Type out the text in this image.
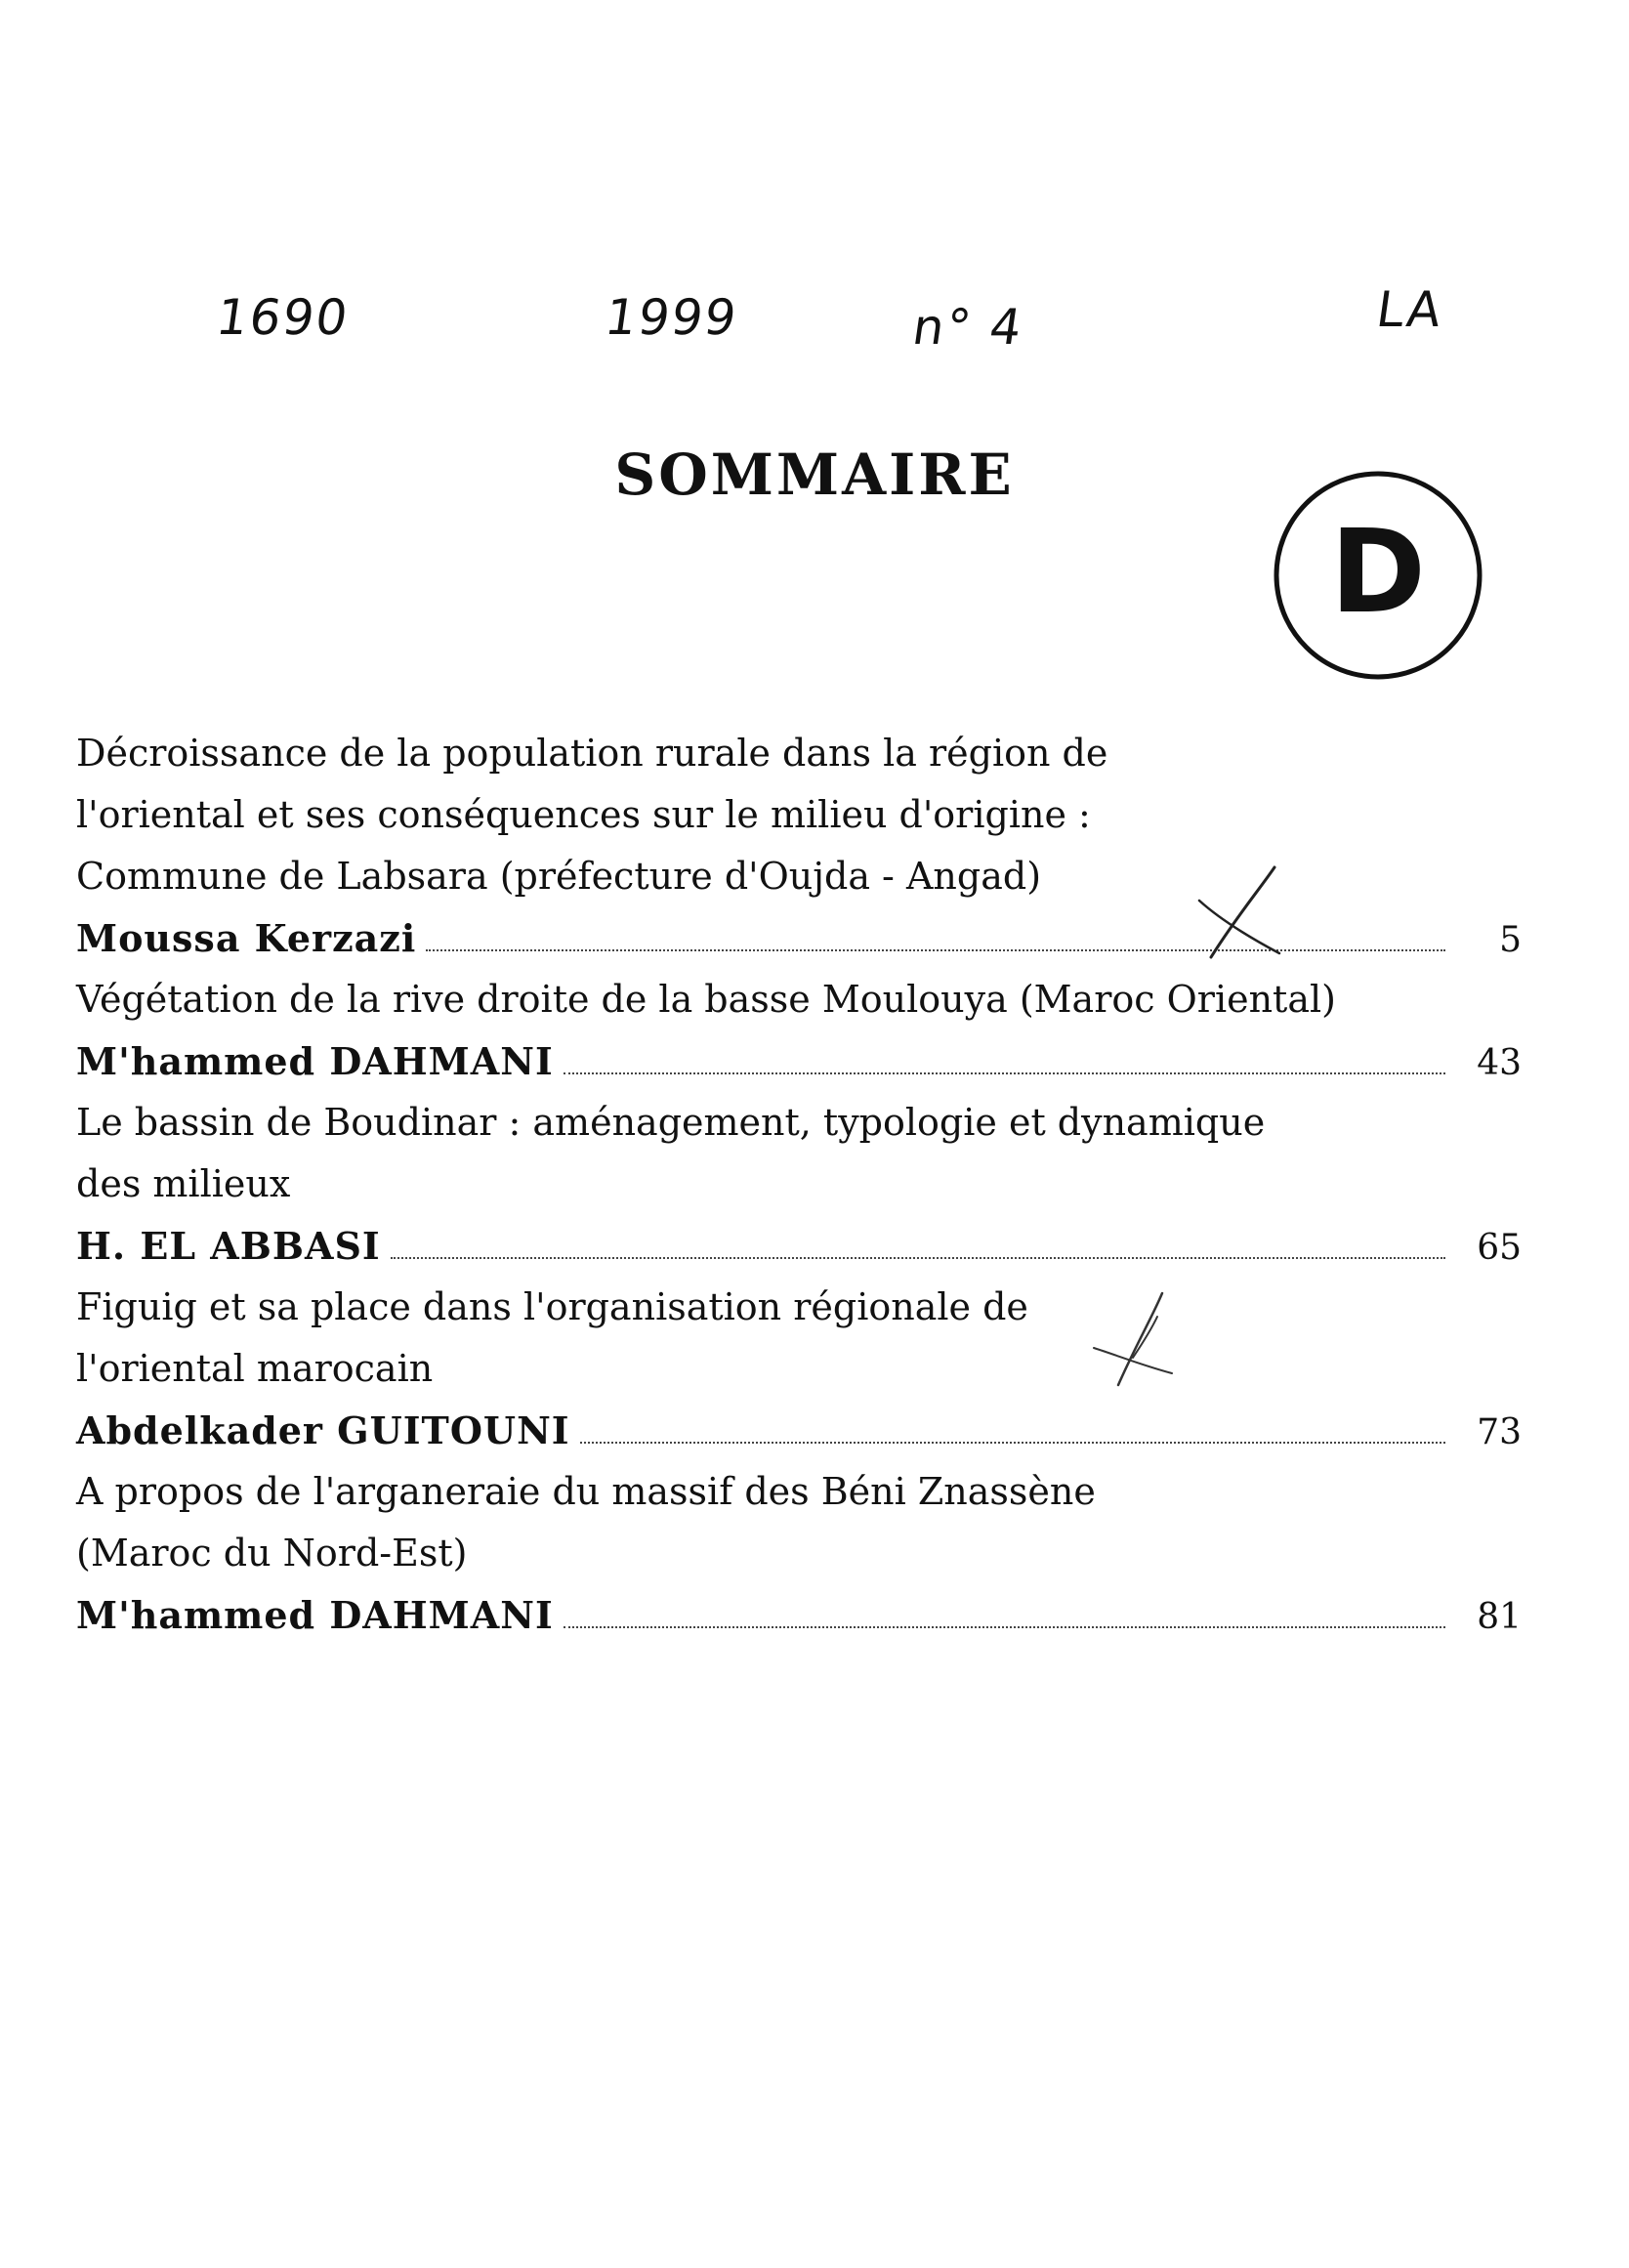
1690	1999	n° 4	LA
SOMMAIRE
D
Décroissance de la population rurale dans la région de
l'oriental et ses conséquences sur le milieu d'origine :
Commune de Labsara (préfecture d'Oujda - Angad)
Moussa Kerzazi	5
Végétation de la rive droite de la basse Moulouya (Maroc Oriental)
M'hammed DAHMANI	43
Le bassin de Boudinar : aménagement, typologie et dynamique
des milieux
H. EL ABBASI	65
Figuig et sa place dans l'organisation régionale de
l'oriental marocain
Abdelkader GUITOUNI	73
A propos de l'arganeraie du massif des Béni Znassène
(Maroc du Nord-Est)
M'hammed DAHMANI	81
